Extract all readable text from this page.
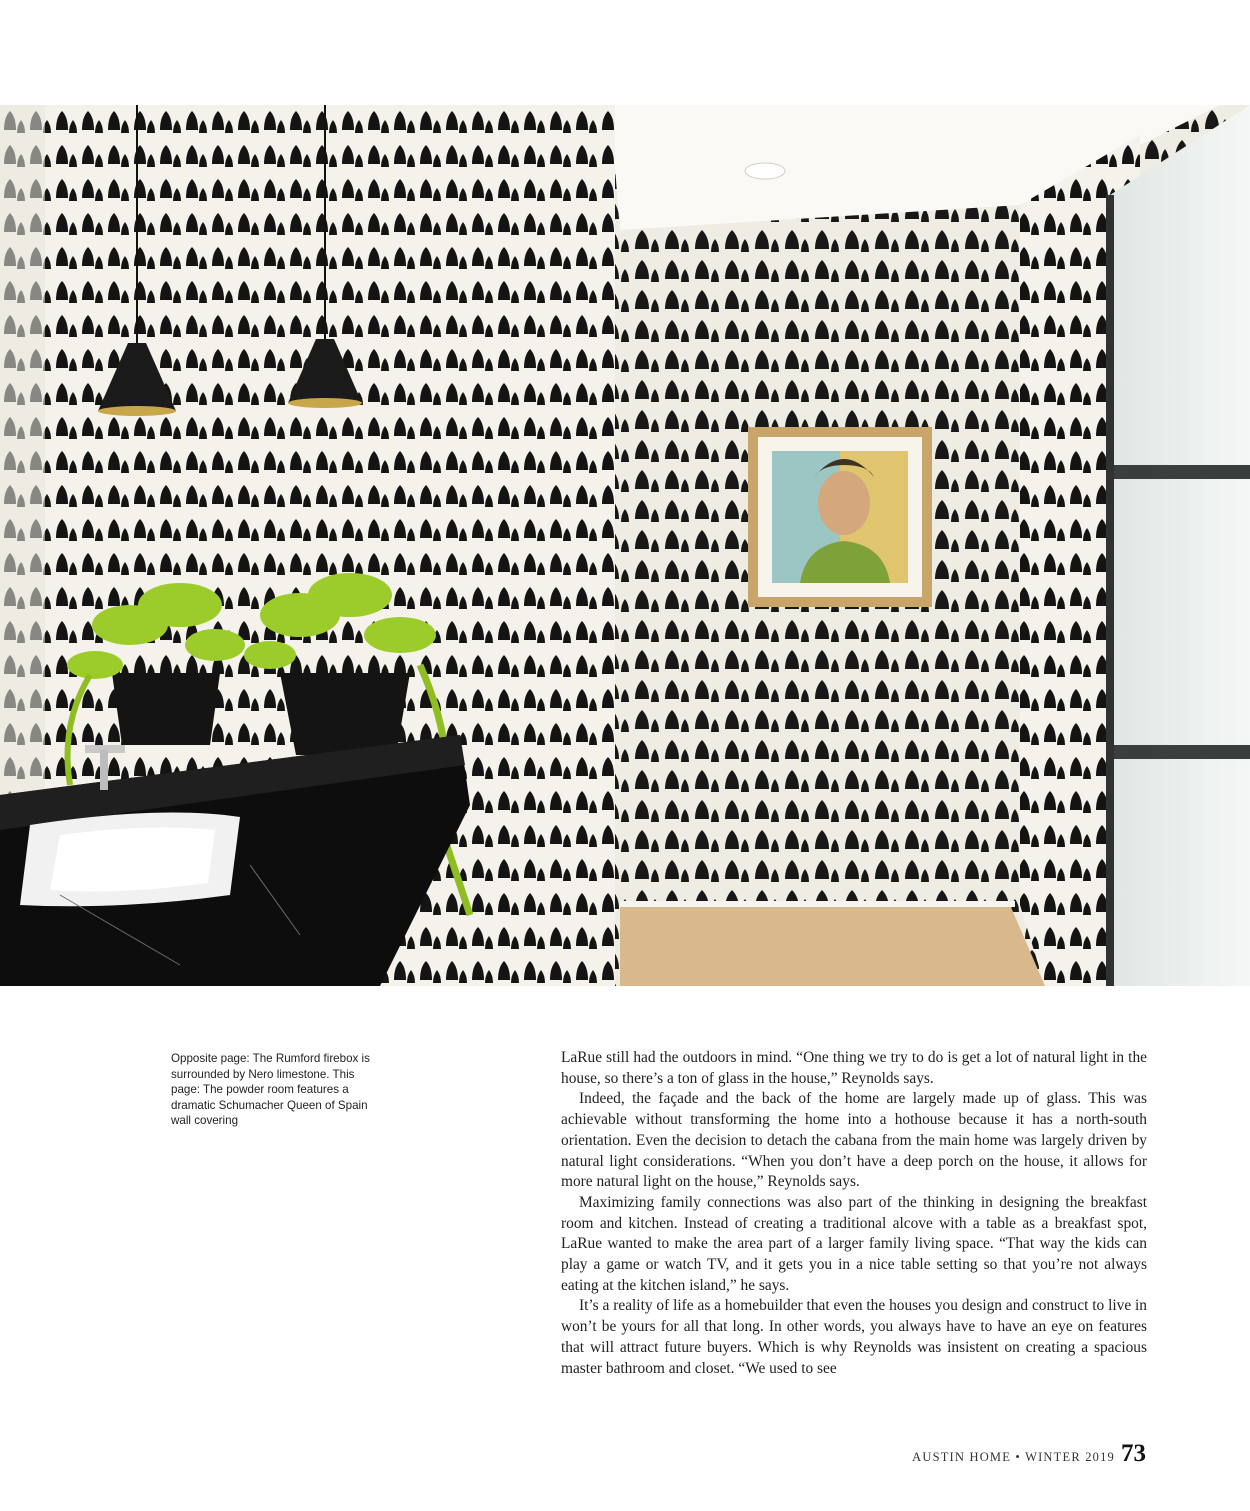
Opposite page: The Rumford firebox is surrounded by Nero limestone. This page: The powder room features a dramatic Schumacher Queen of Spain wall covering

LaRue still had the outdoors in mind. “One thing we try to do is get a lot of natural light in the house, so there’s a ton of glass in the house,” Reynolds says.

Indeed, the façade and the back of the home are largely made up of glass. This was achievable without transforming the home into a hothouse because it has a north-south orientation. Even the decision to detach the cabana from the main home was largely driven by natural light considerations. “When you don’t have a deep porch on the house, it allows for more natural light on the house,” Reynolds says.

Maximizing family connections was also part of the thinking in designing the breakfast room and kitchen. Instead of creating a traditional alcove with a table as a breakfast spot, LaRue wanted to make the area part of a larger family living space. “That way the kids can play a game or watch TV, and it gets you in a nice table setting so that you’re not always eating at the kitchen island,” he says.

It’s a reality of life as a homebuilder that even the houses you design and construct to live in won’t be yours for all that long. In other words, you always have to have an eye on features that will attract future buyers. Which is why Reynolds was insistent on creating a spacious master bathroom and closet. “We used to see

AUSTIN HOME • WINTER 2019 73
